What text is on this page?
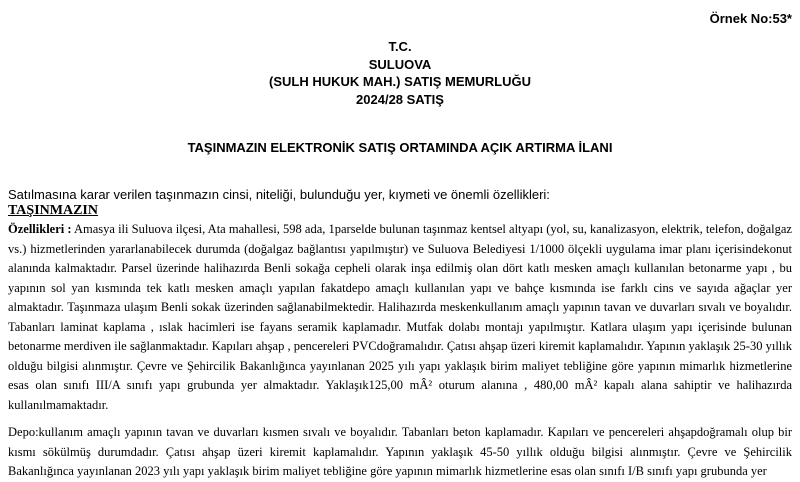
Örnek No:53*
T.C.
SULUOVA
(SULH HUKUK MAH.) SATIŞ MEMURLUĞU
2024/28 SATIŞ
TAŞINMAZIN ELEKTRONİK SATIŞ ORTAMINDA AÇIK ARTIRMA İLANI
Satılmasına karar verilen taşınmazın cinsi, niteliği, bulunduğu yer, kıymeti ve önemli özellikleri:
TAŞINMAZIN

Özellikleri : Amasya ili Suluova ilçesi, Ata mahallesi, 598 ada, 1parselde bulunan taşınmaz kentsel altyapı (yol, su, kanalizasyon, elektrik, telefon, doğalgaz vs.) hizmetlerinden yararlanabilecek durumda (doğalgaz bağlantısı yapılmıştır) ve Suluova Belediyesi 1/1000 ölçekli uygulama imar planı içerisindekonut alanında kalmaktadır. Parsel üzerinde halihazırda Benli sokağa cepheli olarak inşa edilmiş olan dört katlı mesken amaçlı kullanılan betonarme yapı , bu yapının sol yan kısmında tek katlı mesken amaçlı yapılan fakatdepo amaçlı kullanılan yapı ve bahçe kısmında ise farklı cins ve sayıda ağaçlar yer almaktadır. Taşınmaza ulaşım Benli sokak üzerinden sağlanabilmektedir. Halihazırda meskenkullanım amaçlı yapının tavan ve duvarları sıvalı ve boyalıdır. Tabanları laminat kaplama , ıslak hacimleri ise fayans seramik kaplamadır. Mutfak dolabı montajı yapılmıştır. Katlara ulaşım yapı içerisinde bulunan betonarme merdiven ile sağlanmaktadır. Kapıları ahşap , pencereleri PVCdoğramalıdır. Çatısı ahşap üzeri kiremit kaplamalıdır. Yapının yaklaşık 25-30 yıllık olduğu bilgisi alınmıştır. Çevre ve Şehircilik Bakanlığınca yayınlanan 2025 yılı yapı yaklaşık birim maliyet tebliğine göre yapının mimarlık hizmetlerine esas olan sınıfı III/A sınıfı yapı grubunda yer almaktadır. Yaklaşık125,00 mÂ² oturum alanına , 480,00 mÂ² kapalı alana sahiptir ve halihazırda kullanılmamaktadır.

Depo:kullanım amaçlı yapının tavan ve duvarları kısmen sıvalı ve boyalıdır. Tabanları beton kaplamadır. Kapıları ve pencereleri ahşapdoğramalı olup bir kısmı sökülmüş durumdadır. Çatısı ahşap üzeri kiremit kaplamalıdır. Yapının yaklaşık 45-50 yıllık olduğu bilgisi alınmıştır. Çevre ve Şehircilik Bakanlığınca yayınlanan 2023 yılı yapı yaklaşık birim maliyet tebliğine göre yapının mimarlık hizmetlerine esas olan sınıfı I/B sınıfı yapı grubunda yer
